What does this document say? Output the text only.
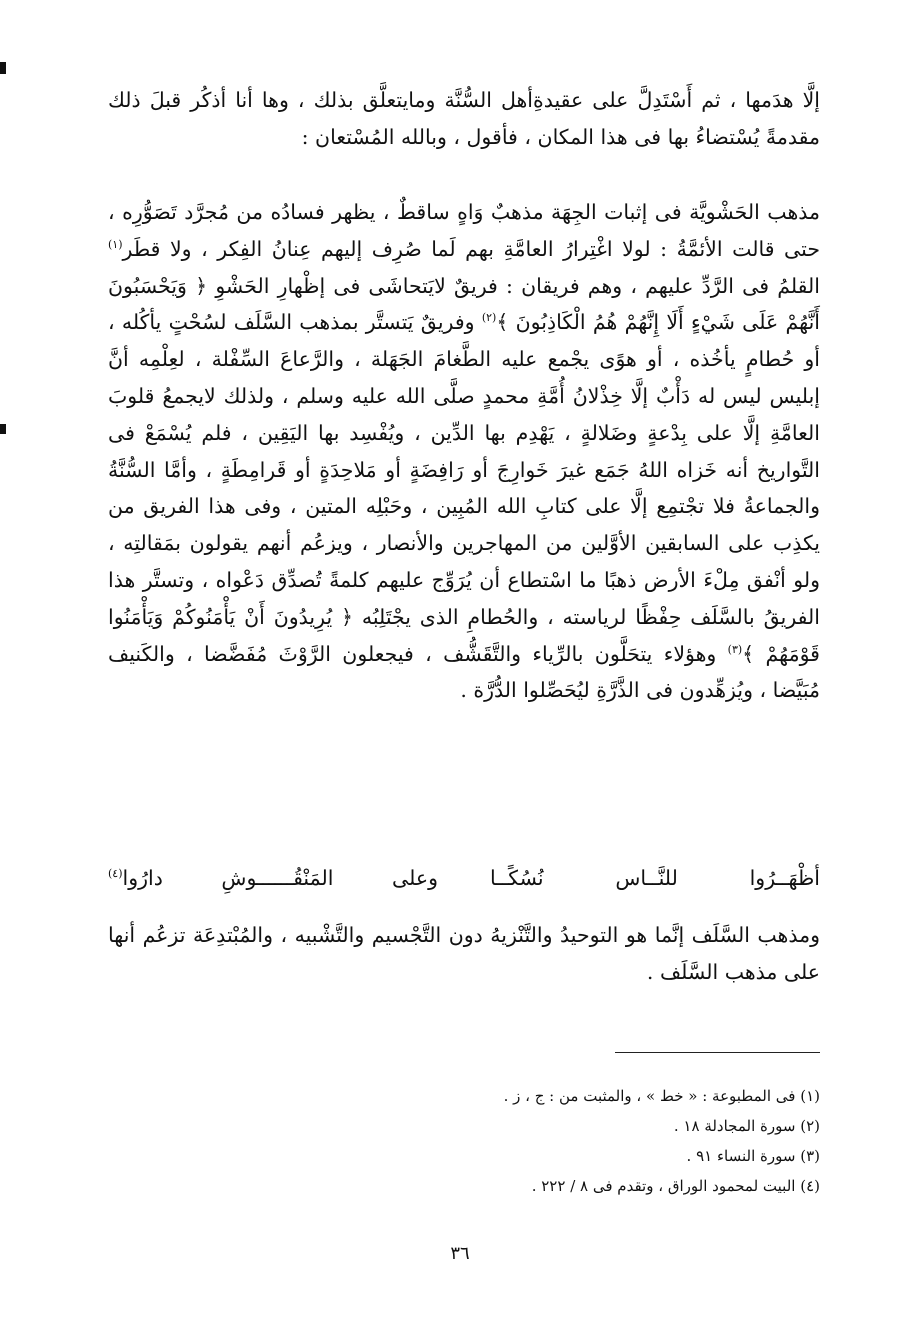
إلَّا هدَمها ، ثم أَسْتَدِلَّ على عقيدةِأهل السُّنَّة ومايتعلَّق بذلك ، وها أنا أذكُر قبلَ ذلك مقدمةً يُسْتضاءُ بها فى هذا المكان ، فأقول ، وبالله المُسْتعان :

مذهب الحَشْويَّة فى إثبات الجِهَة مذهبٌ وَاهٍ ساقطٌ ، يظهر فسادُه من مُجرَّد تَصَوُّرِه ، حتى قالت الأئمَّةُ : لولا اغْتِرارُ العامَّةِ بهم لَما صُرِف إليهم عِنانُ الفِكر ، ولا قطَر$^{(١)}$ القلمُ فى الرَّدِّ عليهم ، وهم فريقان : فريقٌ لايَتحاشَى فى إظْهارِ الحَشْوِ ﴿ وَيَحْسَبُونَ أَنَّهُمْ عَلَى شَيْءٍ أَلَا إِنَّهُمْ هُمُ الْكَاذِبُونَ ﴾$^{(٢)}$ وفريقٌ يَتستَّر بمذهب السَّلَف لسُحْتٍ يأكُله ، أو حُطامٍ يأخُذه ، أو هوًى يجْمع عليه الطَّغامَ الجَهَلة ، والرَّعاعَ السِّفْلة ، لعِلْمِه أنَّ إبليس ليس له دَأْبٌ إلَّا خِذْلانُ أُمَّةِ محمدٍ صلَّى الله عليه وسلم ، ولذلك لايجمعُ قلوبَ العامَّةِ إلَّا على بِدْعةٍ وضَلالةٍ ، يَهْدِم بها الدِّين ، ويُفْسِد بها اليَقِين ، فلم يُسْمَعْ فى التَّواريخ أنه خَزاه اللهُ جَمَع غيرَ خَوارِجَ أو رَافِضَةٍ أو مَلاحِدَةٍ أو قَرامِطَةٍ ، وأمَّا السُّنَّةُ والجماعةُ فلا تجْتمِع إلَّا على كتابِ الله المُبِين ، وحَبْلِه المتين ، وفى هذا الفريق من يكذِب على السابقين الأوَّلين من المهاجرين والأنصار ، ويزعُم أنهم يقولون بمَقالتِه ، ولو أنْفق مِلْءَ الأرض ذهبًا ما اسْتطاع أن يُرَوِّج عليهم كلمةً تُصدِّق دَعْواه ، وتستَّر هذا الفريقُ بالسَّلَف حِفْظًا لرياسته ، والحُطامِ الذى يجْتَلِبُه ﴿ يُرِيدُونَ أَنْ يَأْمَنُوكُمْ وَيَأْمَنُوا قَوْمَهُمْ ﴾$^{(٣)}$ وهؤلاء يتحَلَّون بالرِّياء والتَّقَشُّف ، فيجعلون الرَّوْثَ مُفَضَّضا ، والكَنيف مُبَيَّضا ، ويُزهِّدون فى الذَّرَّةِ ليُحَصِّلوا الدُّرَّة .

أظْهَــرُوا للنَّــاس نُسُكًــا
وعلى المَنْقُــــــوشِ دارُوا$^{(٤)}$

ومذهب السَّلَف إنَّما هو التوحيدُ والتَّنْزيهُ دون التَّجْسيم والتَّشْبيه ، والمُبْتدِعَة تزعُم أنها على مذهب السَّلَف .

(١) فى المطبوعة : « خط » ، والمثبت من : ج ، ز .

(٢) سورة المجادلة ١٨ .

(٣) سورة النساء ٩١ .

(٤) البيت لمحمود الوراق ، وتقدم فى ٨ / ٢٢٢ .

٣٦
